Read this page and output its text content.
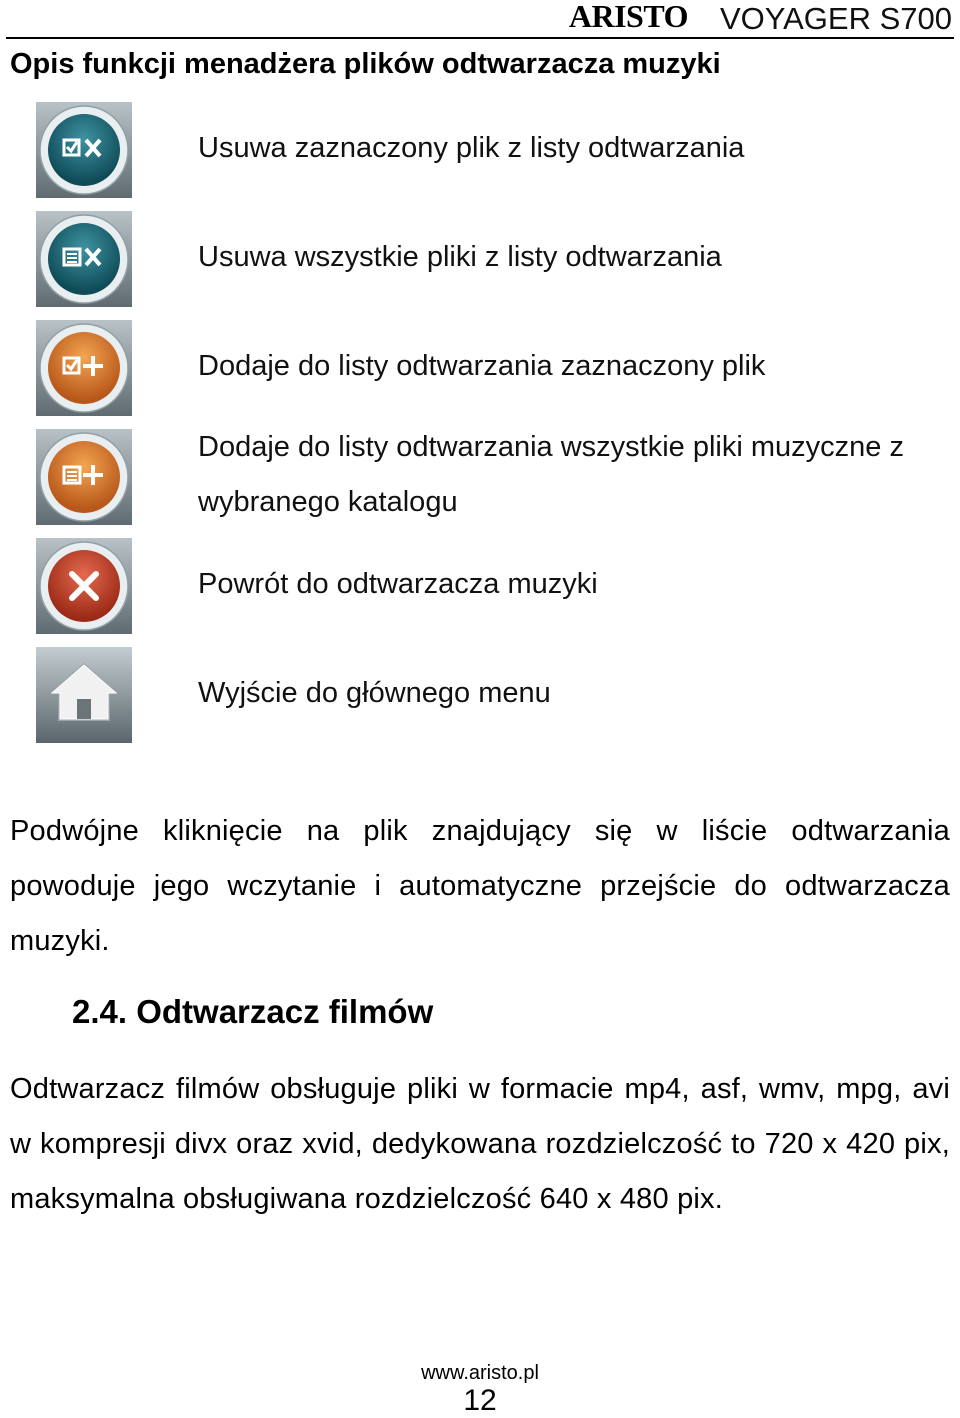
ARISTO VOYAGER S700
Opis funkcji menadżera plików odtwarzacza muzyki
Usuwa zaznaczony plik z listy odtwarzania
Usuwa wszystkie pliki z listy odtwarzania
Dodaje do listy odtwarzania zaznaczony plik
Dodaje do listy odtwarzania wszystkie pliki muzyczne z wybranego katalogu
Powrót do odtwarzacza muzyki
Wyjście do głównego menu
Podwójne kliknięcie na plik znajdujący się w liście odtwarzania powoduje jego wczytanie i automatyczne przejście do odtwarzacza muzyki.
2.4. Odtwarzacz filmów
Odtwarzacz filmów obsługuje pliki w formacie mp4, asf, wmv, mpg, avi w kompresji divx oraz xvid, dedykowana rozdzielczość to 720 x 420 pix, maksymalna obsługiwana rozdzielczość 640 x 480 pix.
www.aristo.pl
12
